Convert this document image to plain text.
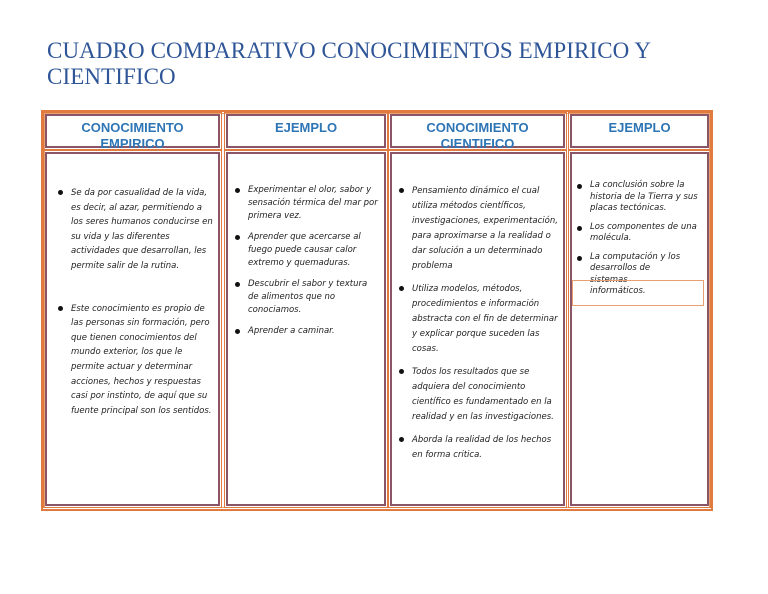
CUADRO COMPARATIVO CONOCIMIENTOS EMPIRICO Y CIENTIFICO
CONOCIMIENTO EMPIRICO
EJEMPLO	CONOCIMIENTO CIENTIFICO
EJEMPLO
Se da por casualidad de la vida, es decir, al azar, permitiendo a los seres humanos conducirse en su vida y las diferentes actividades que desarrollan, les permite salir de la rutina.
Este conocimiento es propio de las personas sin formación, pero que tienen conocimientos del mundo exterior, los que le permite actuar y determinar acciones, hechos y respuestas casi por instinto, de aquí que su fuente principal son los sentidos.
Experimentar el olor, sabor y sensación térmica del mar por primera vez.
Aprender que acercarse al fuego puede causar calor extremo y quemaduras.
Descubrir el sabor y textura de alimentos que no conociamos.
Aprender a caminar.
Pensamiento dinámico el cual utiliza métodos científicos, investigaciones, experimentación, para aproximarse a la realidad o dar solución a un determinado problema
Utiliza modelos, métodos, procedimientos e información abstracta con el fin de determinar y explicar porque suceden las cosas.
Todos los resultados que se adquiera del conocimiento científico es fundamentado en la realidad y en las investigaciones.
Aborda la realidad de los hechos en forma critica.
La conclusión sobre la historia de la Tierra y sus placas tectónicas.
Los componentes de una molécula.
La computación y los desarrollos de sistemas informáticos.
